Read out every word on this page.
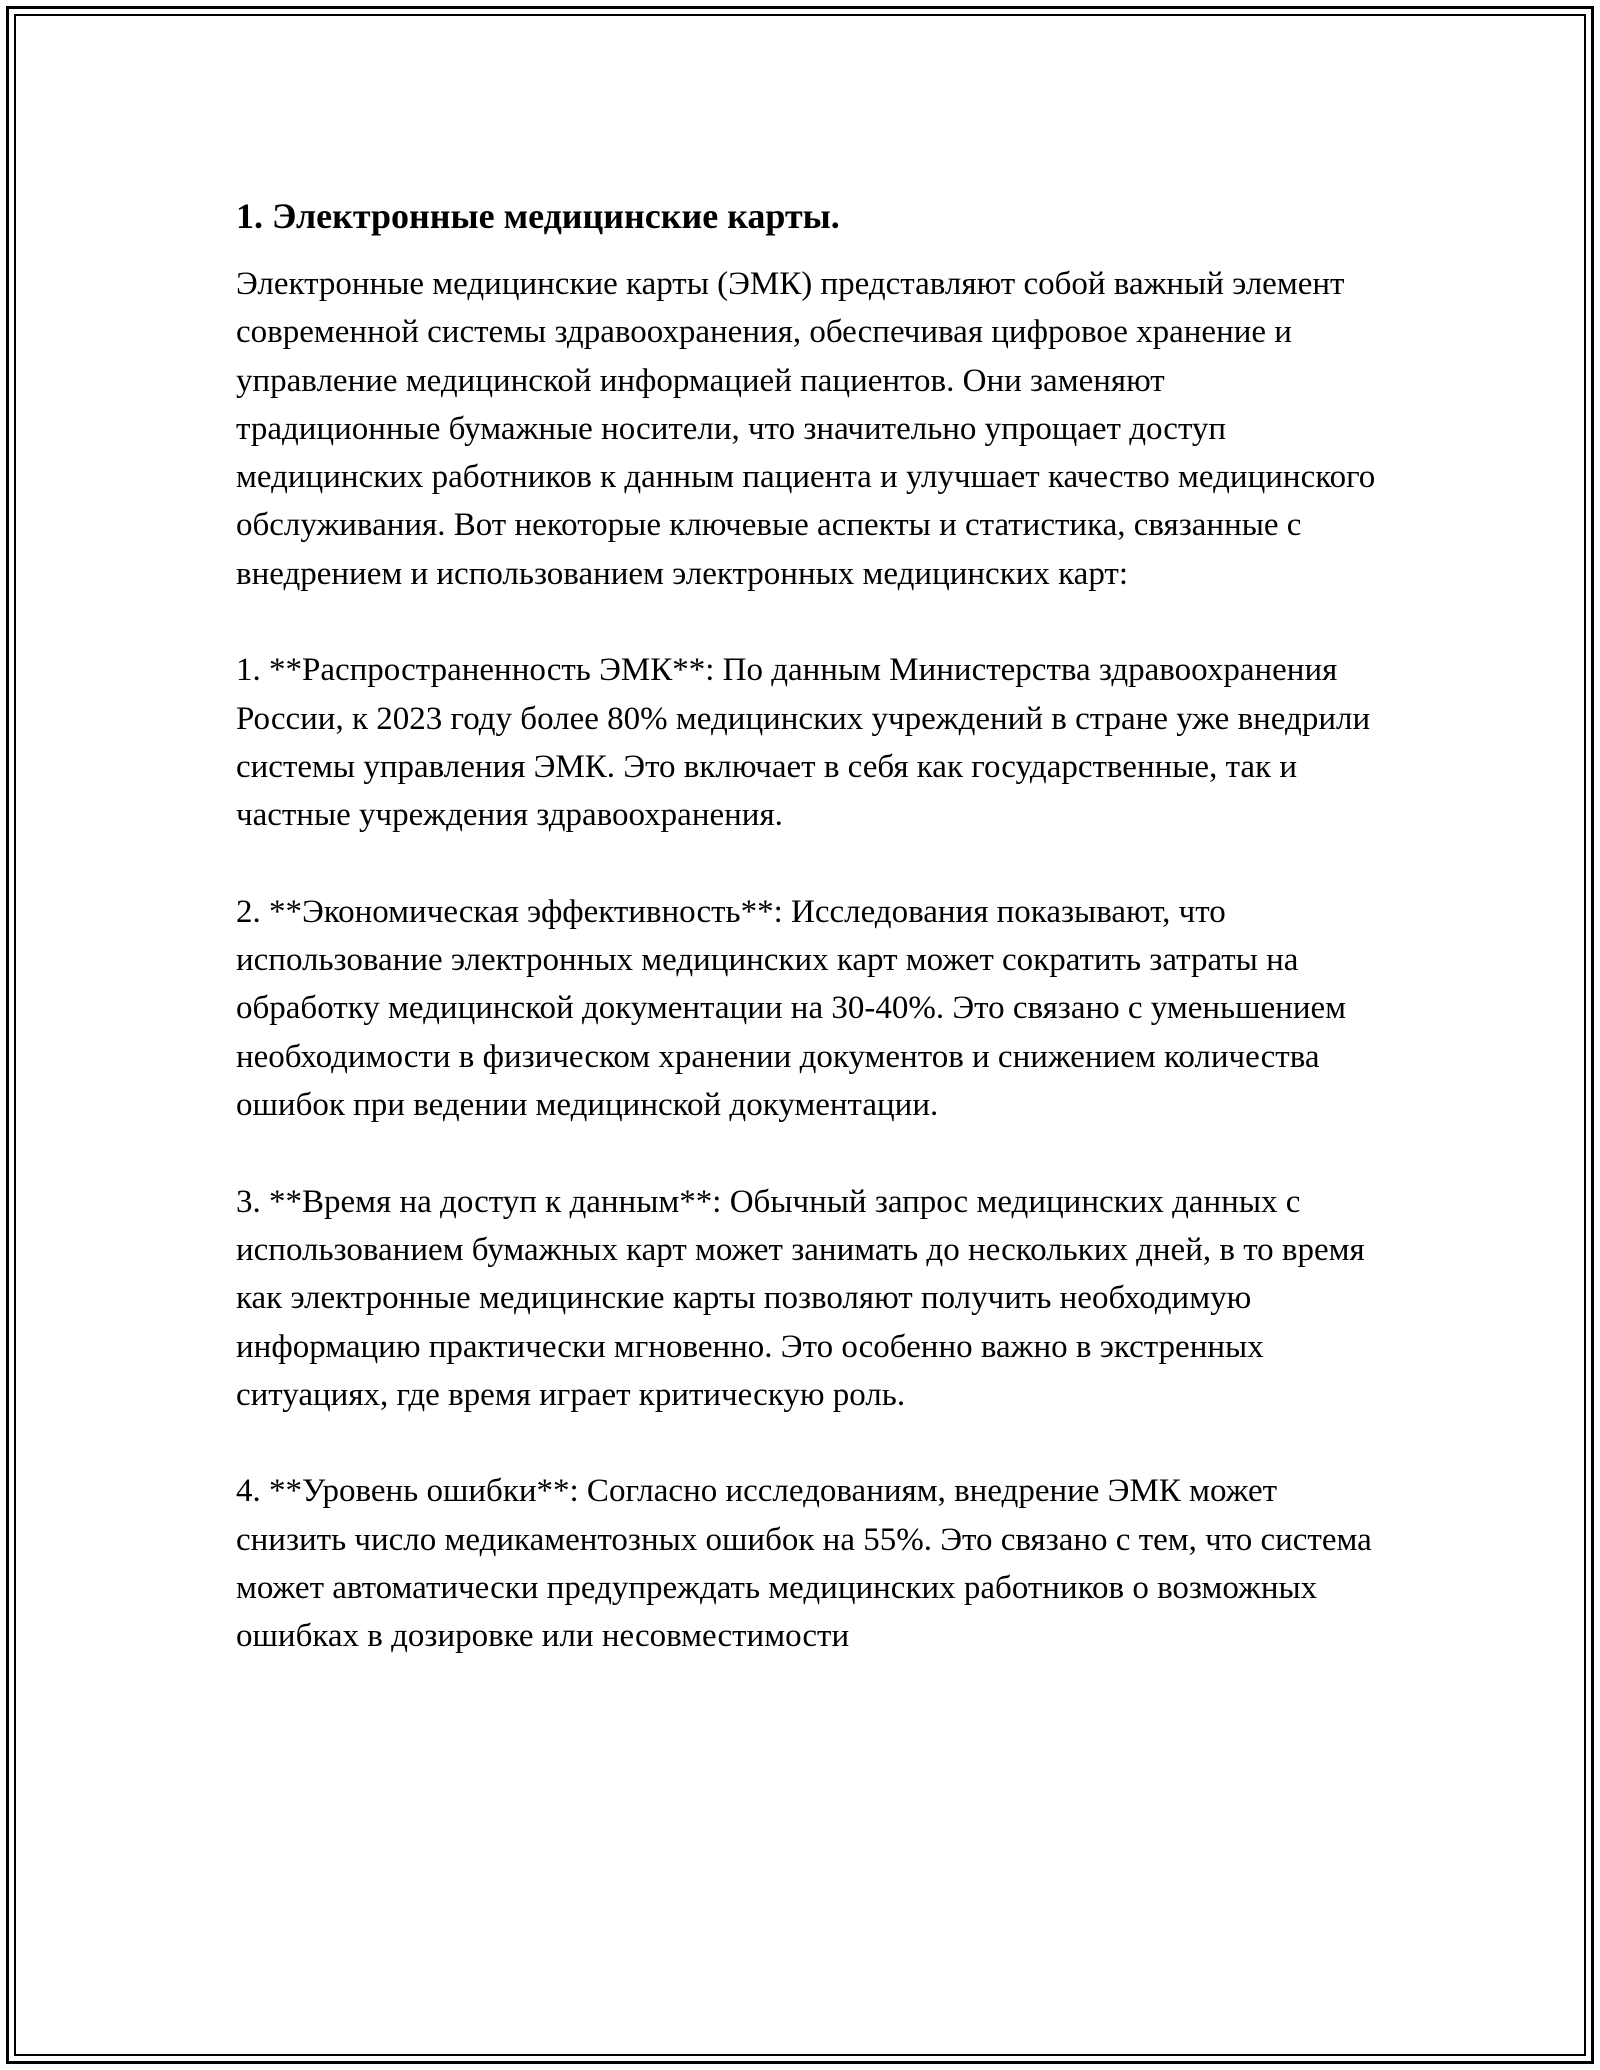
1. Электронные медицинские карты.

Электронные медицинские карты (ЭМК) представляют собой важный элемент современной системы здравоохранения, обеспечивая цифровое хранение и управление медицинской информацией пациентов. Они заменяют традиционные бумажные носители, что значительно упрощает доступ медицинских работников к данным пациента и улучшает качество медицинского обслуживания. Вот некоторые ключевые аспекты и статистика, связанные с внедрением и использованием электронных медицинских карт:

1. **Распространенность ЭМК**: По данным Министерства здравоохранения России, к 2023 году более 80% медицинских учреждений в стране уже внедрили системы управления ЭМК. Это включает в себя как государственные, так и частные учреждения здравоохранения.

2. **Экономическая эффективность**: Исследования показывают, что использование электронных медицинских карт может сократить затраты на обработку медицинской документации на 30-40%. Это связано с уменьшением необходимости в физическом хранении документов и снижением количества ошибок при ведении медицинской документации.

3. **Время на доступ к данным**: Обычный запрос медицинских данных с использованием бумажных карт может занимать до нескольких дней, в то время как электронные медицинские карты позволяют получить необходимую информацию практически мгновенно. Это особенно важно в экстренных ситуациях, где время играет критическую роль.

4. **Уровень ошибки**: Согласно исследованиям, внедрение ЭМК может снизить число медикаментозных ошибок на 55%. Это связано с тем, что система может автоматически предупреждать медицинских работников о возможных ошибках в дозировке или несовместимости
